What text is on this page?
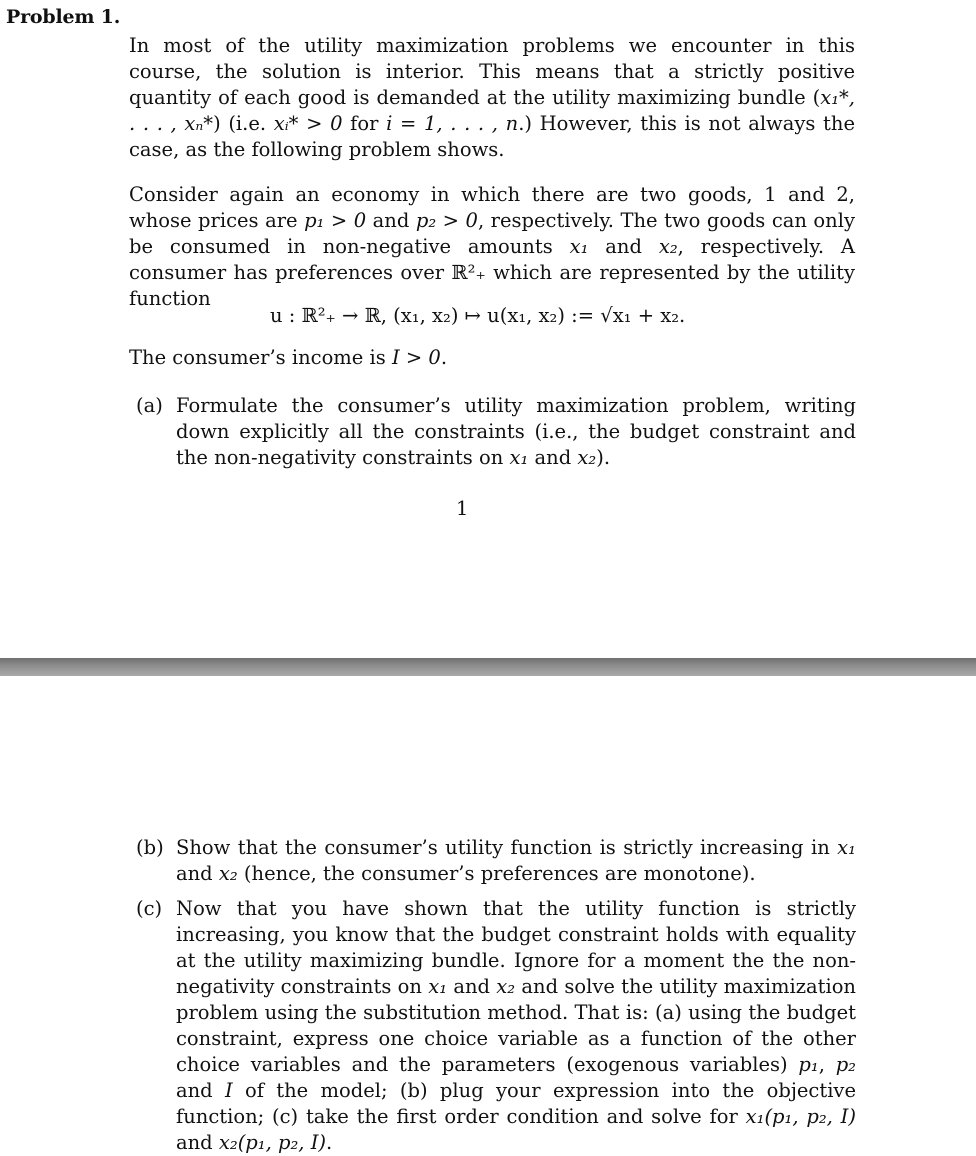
Problem 1.
In most of the utility maximization problems we encounter in this course, the solution is interior. This means that a strictly positive quantity of each good is demanded at the utility maximizing bundle (x₁*, . . . , xₙ*) (i.e. xᵢ* > 0 for i = 1, . . . , n.) However, this is not always the case, as the following problem shows.
Consider again an economy in which there are two goods, 1 and 2, whose prices are p₁ > 0 and p₂ > 0, respectively. The two goods can only be consumed in non-negative amounts x₁ and x₂, respectively. A consumer has preferences over ℝ²₊ which are represented by the utility function
u : ℝ²₊ → ℝ, (x₁, x₂) ↦ u(x₁, x₂) := √x₁ + x₂.
The consumer’s income is I > 0.
(a) Formulate the consumer’s utility maximization problem, writing down explicitly all the constraints (i.e., the budget constraint and the non-negativity constraints on x₁ and x₂).
1
(b) Show that the consumer’s utility function is strictly increasing in x₁ and x₂ (hence, the consumer’s preferences are monotone).
(c) Now that you have shown that the utility function is strictly increasing, you know that the budget constraint holds with equality at the utility maximizing bundle. Ignore for a moment the the non-negativity constraints on x₁ and x₂ and solve the utility maximization problem using the substitution method. That is: (a) using the budget constraint, express one choice variable as a function of the other choice variables and the parameters (exogenous variables) p₁, p₂ and I of the model; (b) plug your expression into the objective function; (c) take the first order condition and solve for x₁(p₁, p₂, I) and x₂(p₁, p₂, I).
